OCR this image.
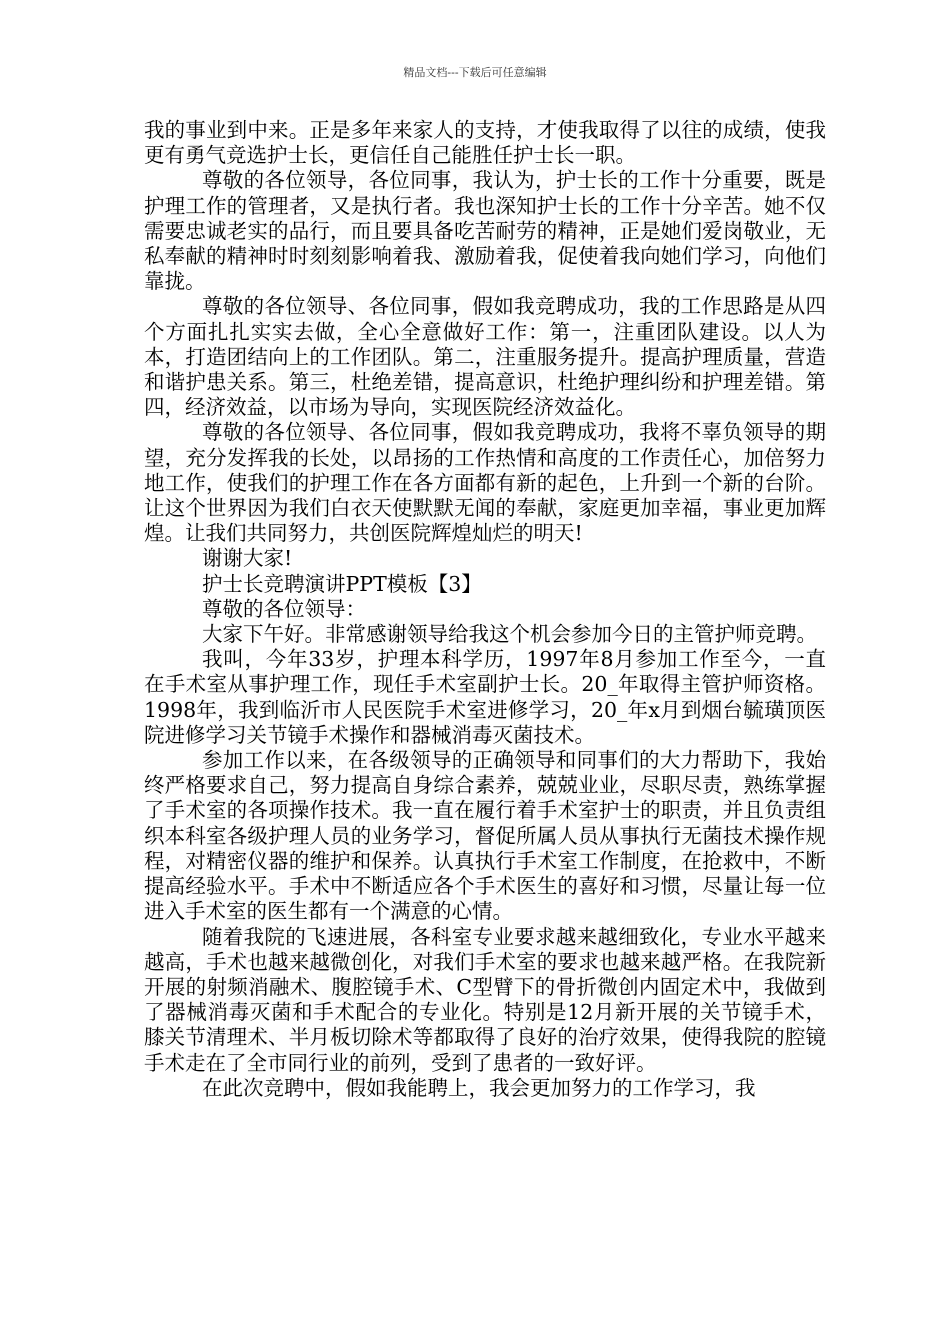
精品文档---下载后可任意编辑

我的事业到中来。正是多年来家人的支持，才使我取得了以往的成绩，使我更有勇气竞选护士长，更信任自己能胜任护士长一职。

尊敬的各位领导，各位同事，我认为，护士长的工作十分重要，既是护理工作的管理者，又是执行者。我也深知护士长的工作十分辛苦。她不仅需要忠诚老实的品行，而且要具备吃苦耐劳的精神，正是她们爱岗敬业，无私奉献的精神时时刻刻影响着我、激励着我，促使着我向她们学习，向他们靠拢。

尊敬的各位领导、各位同事，假如我竞聘成功，我的工作思路是从四个方面扎扎实实去做，全心全意做好工作：第一，注重团队建设。以人为本，打造团结向上的工作团队。第二，注重服务提升。提高护理质量，营造和谐护患关系。第三，杜绝差错，提高意识，杜绝护理纠纷和护理差错。第四，经济效益，以市场为导向，实现医院经济效益化。

尊敬的各位领导、各位同事，假如我竞聘成功，我将不辜负领导的期望，充分发挥我的长处，以昂扬的工作热情和高度的工作责任心，加倍努力地工作，使我们的护理工作在各方面都有新的起色，上升到一个新的台阶。让这个世界因为我们白衣天使默默无闻的奉献，家庭更加幸福，事业更加辉煌。让我们共同努力，共创医院辉煌灿烂的明天!

谢谢大家!

护士长竞聘演讲PPT模板【3】

尊敬的各位领导：

大家下午好。非常感谢领导给我这个机会参加今日的主管护师竞聘。

我叫，今年33岁，护理本科学历，1997年8月参加工作至今，一直在手术室从事护理工作，现任手术室副护士长。20_年取得主管护师资格。1998年，我到临沂市人民医院手术室进修学习，20_年x月到烟台毓璜顶医院进修学习关节镜手术操作和器械消毒灭菌技术。

参加工作以来，在各级领导的正确领导和同事们的大力帮助下，我始终严格要求自己，努力提高自身综合素养，兢兢业业，尽职尽责，熟练掌握了手术室的各项操作技术。我一直在履行着手术室护士的职责，并且负责组织本科室各级护理人员的业务学习，督促所属人员从事执行无菌技术操作规程，对精密仪器的维护和保养。认真执行手术室工作制度，在抢救中，不断提高经验水平。手术中不断适应各个手术医生的喜好和习惯，尽量让每一位进入手术室的医生都有一个满意的心情。

随着我院的飞速进展，各科室专业要求越来越细致化，专业水平越来越高，手术也越来越微创化，对我们手术室的要求也越来越严格。在我院新开展的射频消融术、腹腔镜手术、C型臂下的骨折微创内固定术中，我做到了器械消毒灭菌和手术配合的专业化。特别是12月新开展的关节镜手术，膝关节清理术、半月板切除术等都取得了良好的治疗效果，使得我院的腔镜手术走在了全市同行业的前列，受到了患者的一致好评。

在此次竞聘中，假如我能聘上，我会更加努力的工作学习，我
